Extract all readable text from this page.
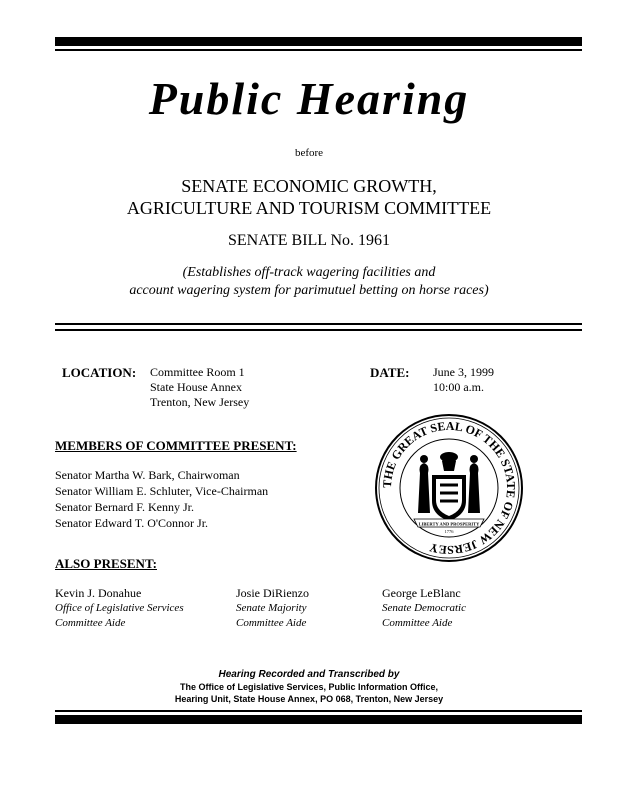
Public Hearing
before
SENATE ECONOMIC GROWTH,
AGRICULTURE AND TOURISM COMMITTEE
SENATE BILL No. 1961
(Establishes off-track wagering facilities and
account wagering system for parimutuel betting on horse races)
LOCATION: Committee Room 1
State House Annex
Trenton, New Jersey
DATE: June 3, 1999
10:00 a.m.
MEMBERS OF COMMITTEE PRESENT:
Senator Martha W. Bark, Chairwoman
Senator William E. Schluter, Vice-Chairman
Senator Bernard F. Kenny Jr.
Senator Edward T. O'Connor Jr.
THE GREAT SEAL OF THE STATE OF NEW JERSEY
LIBERTY AND PROSPERITY
1776
ALSO PRESENT:
Kevin J. Donahue
Office of Legislative Services
Committee Aide
Josie DiRienzo
Senate Majority
Committee Aide
George LeBlanc
Senate Democratic
Committee Aide
Hearing Recorded and Transcribed by
The Office of Legislative Services, Public Information Office,
Hearing Unit, State House Annex, PO 068, Trenton, New Jersey
